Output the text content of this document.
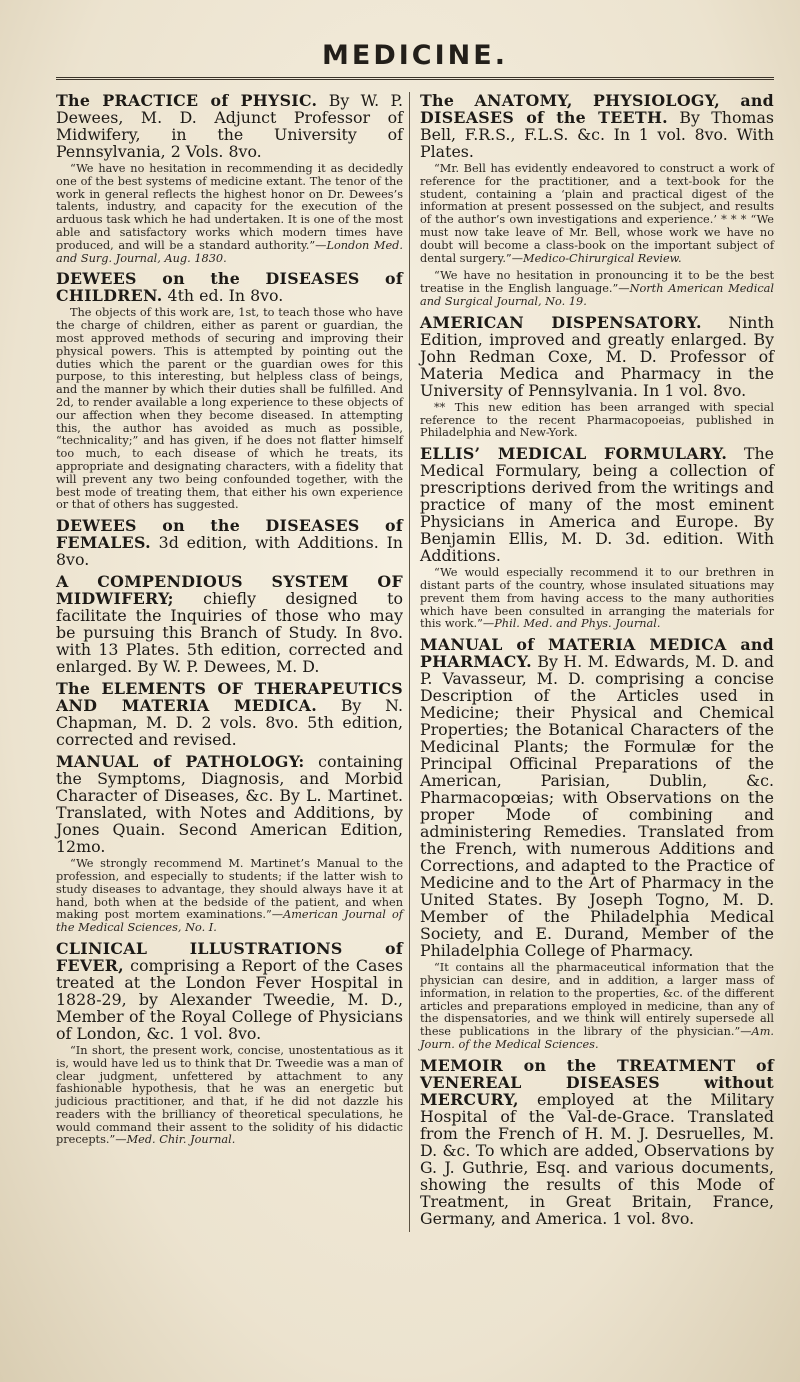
MEDICINE.
The PRACTICE of PHYSIC. By W. P. Dewees, M. D. Adjunct Professor of Midwifery, in the University of Pennsylvania, 2 Vols. 8vo.
“We have no hesitation in recommending it as decidedly one of the best systems of medicine extant. The tenor of the work in general reflects the highest honor on Dr. Dewees’s talents, industry, and capacity for the execution of the arduous task which he had undertaken. It is one of the most able and satisfactory works which modern times have produced, and will be a standard authority.”—London Med. and Surg. Journal, Aug. 1830.
DEWEES on the DISEASES of CHILDREN. 4th ed. In 8vo.
The objects of this work are, 1st, to teach those who have the charge of children, either as parent or guardian, the most approved methods of securing and improving their physical powers. This is attempted by pointing out the duties which the parent or the guardian owes for this purpose, to this interesting, but helpless class of beings, and the manner by which their duties shall be fulfilled. And 2d, to render available a long experience to these objects of our affection when they become diseased. In attempting this, the author has avoided as much as possible, “technicality;” and has given, if he does not flatter himself too much, to each disease of which he treats, its appropriate and designating characters, with a fidelity that will prevent any two being confounded together, with the best mode of treating them, that either his own experience or that of others has suggested.
DEWEES on the DISEASES of FEMALES. 3d edition, with Additions. In 8vo.
A COMPENDIOUS SYSTEM OF MIDWIFERY; chiefly designed to facilitate the Inquiries of those who may be pursuing this Branch of Study. In 8vo. with 13 Plates. 5th edition, corrected and enlarged. By W. P. Dewees, M. D.
The ELEMENTS OF THERAPEUTICS AND MATERIA MEDICA. By N. Chapman, M. D. 2 vols. 8vo. 5th edition, corrected and revised.
MANUAL of PATHOLOGY: containing the Symptoms, Diagnosis, and Morbid Character of Diseases, &c. By L. Martinet. Translated, with Notes and Additions, by Jones Quain. Second American Edition, 12mo.
“We strongly recommend M. Martinet’s Manual to the profession, and especially to students; if the latter wish to study diseases to advantage, they should always have it at hand, both when at the bedside of the patient, and when making post mortem examinations.”—American Journal of the Medical Sciences, No. I.
CLINICAL ILLUSTRATIONS of FEVER, comprising a Report of the Cases treated at the London Fever Hospital in 1828-29, by Alexander Tweedie, M. D., Member of the Royal College of Physicians of London, &c. 1 vol. 8vo.
“In short, the present work, concise, unostentatious as it is, would have led us to think that Dr. Tweedie was a man of clear judgment, unfettered by attachment to any fashionable hypothesis, that he was an energetic but judicious practitioner, and that, if he did not dazzle his readers with the brilliancy of theoretical speculations, he would command their assent to the solidity of his didactic precepts.”—Med. Chir. Journal.
The ANATOMY, PHYSIOLOGY, and DISEASES of the TEETH. By Thomas Bell, F.R.S., F.L.S. &c. In 1 vol. 8vo. With Plates.
“Mr. Bell has evidently endeavored to construct a work of reference for the practitioner, and a text-book for the student, containing a ‘plain and practical digest of the information at present possessed on the subject, and results of the author’s own investigations and experience.’ * * * “We must now take leave of Mr. Bell, whose work we have no doubt will become a class-book on the important subject of dental surgery.”—Medico-Chirurgical Review.
“We have no hesitation in pronouncing it to be the best treatise in the English language.”—North American Medical and Surgical Journal, No. 19.
AMERICAN DISPENSATORY. Ninth Edition, improved and greatly enlarged. By John Redman Coxe, M. D. Professor of Materia Medica and Pharmacy in the University of Pennsylvania. In 1 vol. 8vo.
** This new edition has been arranged with special reference to the recent Pharmacopoeias, published in Philadelphia and New-York.
ELLIS’ MEDICAL FORMULARY. The Medical Formulary, being a collection of prescriptions derived from the writings and practice of many of the most eminent Physicians in America and Europe. By Benjamin Ellis, M. D. 3d. edition. With Additions.
“We would especially recommend it to our brethren in distant parts of the country, whose insulated situations may prevent them from having access to the many authorities which have been consulted in arranging the materials for this work.”—Phil. Med. and Phys. Journal.
MANUAL of MATERIA MEDICA and PHARMACY. By H. M. Edwards, M. D. and P. Vavasseur, M. D. comprising a concise Description of the Articles used in Medicine; their Physical and Chemical Properties; the Botanical Characters of the Medicinal Plants; the Formulæ for the Principal Officinal Preparations of the American, Parisian, Dublin, &c. Pharmacopœias; with Observations on the proper Mode of combining and administering Remedies. Translated from the French, with numerous Additions and Corrections, and adapted to the Practice of Medicine and to the Art of Pharmacy in the United States. By Joseph Togno, M. D. Member of the Philadelphia Medical Society, and E. Durand, Member of the Philadelphia College of Pharmacy.
“It contains all the pharmaceutical information that the physician can desire, and in addition, a larger mass of information, in relation to the properties, &c. of the different articles and preparations employed in medicine, than any of the dispensatories, and we think will entirely supersede all these publications in the library of the physician.”—Am. Journ. of the Medical Sciences.
MEMOIR on the TREATMENT of VENEREAL DISEASES without MERCURY, employed at the Military Hospital of the Val-de-Grace. Translated from the French of H. M. J. Desruelles, M. D. &c. To which are added, Observations by G. J. Guthrie, Esq. and various documents, showing the results of this Mode of Treatment, in Great Britain, France, Germany, and America. 1 vol. 8vo.
